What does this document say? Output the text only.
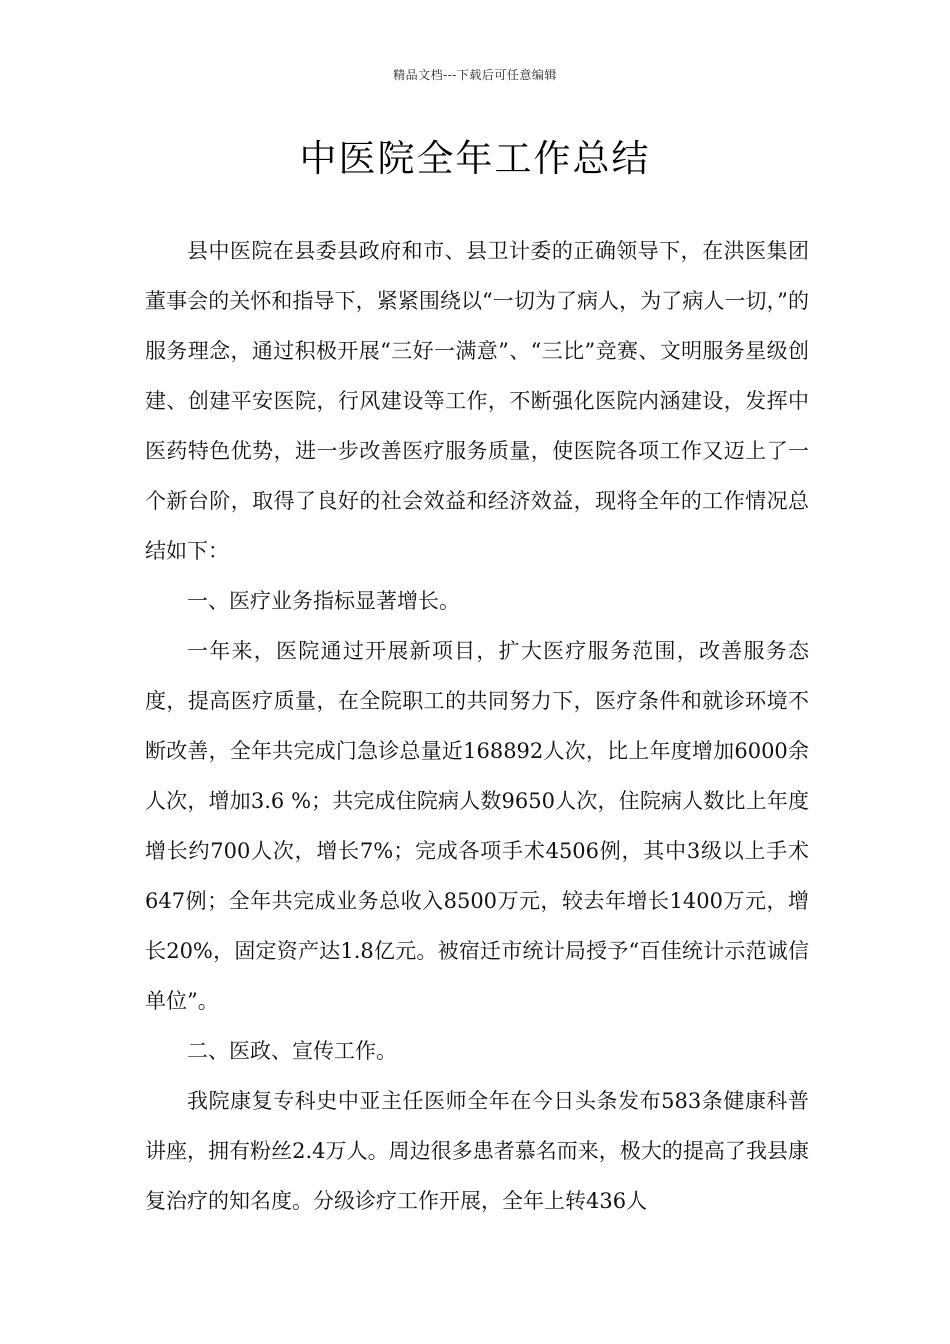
精品文档---下载后可任意编辑
中医院全年工作总结

县中医院在县委县政府和市、县卫计委的正确领导下，在洪医集团董事会的关怀和指导下，紧紧围绕以“一切为了病人，为了病人一切，”的服务理念，通过积极开展“三好一满意”、“三比”竞赛、文明服务星级创建、创建平安医院，行风建设等工作，不断强化医院内涵建设，发挥中医药特色优势，进一步改善医疗服务质量，使医院各项工作又迈上了一个新台阶，取得了良好的社会效益和经济效益，现将全年的工作情况总结如下：

一、医疗业务指标显著增长。

一年来，医院通过开展新项目，扩大医疗服务范围，改善服务态度，提高医疗质量，在全院职工的共同努力下，医疗条件和就诊环境不断改善，全年共完成门急诊总量近168892人次，比上年度增加6000余人次，增加3.6 %；共完成住院病人数9650人次，住院病人数比上年度增长约700人次，增长7%；完成各项手术4506例，其中3级以上手术647例；全年共完成业务总收入8500万元，较去年增长1400万元，增长20%，固定资产达1.8亿元。被宿迁市统计局授予“百佳统计示范诚信单位”。

二、医政、宣传工作。

我院康复专科史中亚主任医师全年在今日头条发布583条健康科普讲座，拥有粉丝2.4万人。周边很多患者慕名而来，极大的提高了我县康复治疗的知名度。分级诊疗工作开展，全年上转436人
